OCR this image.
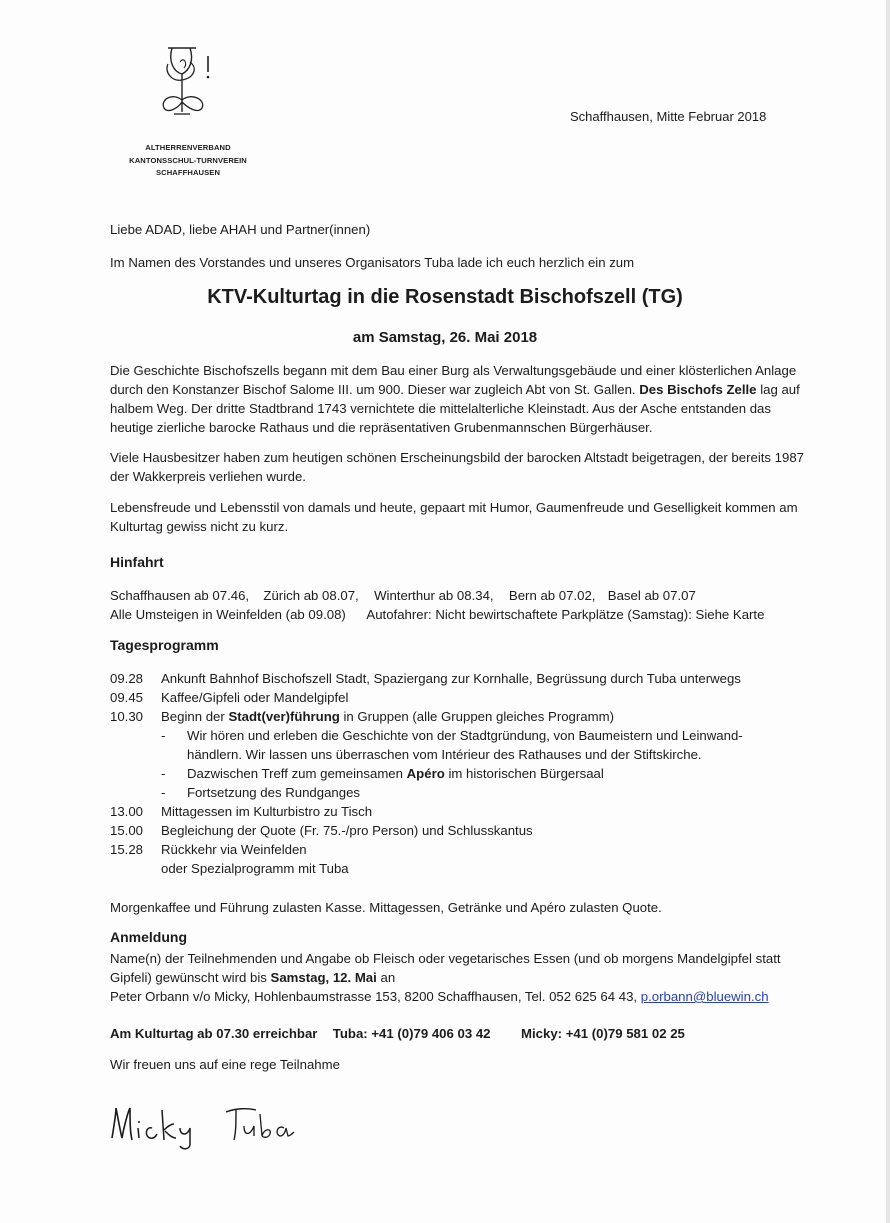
ALTHERRENVERBAND
KANTONSSCHUL-TURNVEREIN
SCHAFFHAUSEN
Schaffhausen, Mitte Februar 2018
Liebe ADAD, liebe AHAH und Partner(innen)
Im Namen des Vorstandes und unseres Organisators Tuba lade ich euch herzlich ein zum
KTV-Kulturtag in die Rosenstadt Bischofszell (TG)
am Samstag, 26. Mai 2018
Die Geschichte Bischofszells begann mit dem Bau einer Burg als Verwaltungsgebäude und einer klösterlichen Anlage
durch den Konstanzer Bischof Salome III. um 900. Dieser war zugleich Abt von St. Gallen. Des Bischofs Zelle lag auf
halbem Weg. Der dritte Stadtbrand 1743 vernichtete die mittelalterliche Kleinstadt. Aus der Asche entstanden das
heutige zierliche barocke Rathaus und die repräsentativen Grubenmannschen Bürgerhäuser.
Viele Hausbesitzer haben zum heutigen schönen Erscheinungsbild der barocken Altstadt beigetragen, der bereits 1987
der Wakkerpreis verliehen wurde.
Lebensfreude und Lebensstil von damals und heute, gepaart mit Humor, Gaumenfreude und Geselligkeit kommen am
Kulturtag gewiss nicht zu kurz.
Hinfahrt
Schaffhausen ab 07.46, Zürich ab 08.07, Winterthur ab 08.34, Bern ab 07.02, Basel ab 07.07
Alle Umsteigen in Weinfelden (ab 09.08) Autofahrer: Nicht bewirtschaftete Parkplätze (Samstag): Siehe Karte
Tagesprogramm
09.28 Ankunft Bahnhof Bischofszell Stadt, Spaziergang zur Kornhalle, Begrüssung durch Tuba unterwegs
09.45 Kaffee/Gipfeli oder Mandelgipfel
10.30 Beginn der Stadt(ver)führung in Gruppen (alle Gruppen gleiches Programm)
- Wir hören und erleben die Geschichte von der Stadtgründung, von Baumeistern und Leinwand-
händlern. Wir lassen uns überraschen vom Intérieur des Rathauses und der Stiftskirche.
- Dazwischen Treff zum gemeinsamen Apéro im historischen Bürgersaal
- Fortsetzung des Rundganges
13.00 Mittagessen im Kulturbistro zu Tisch
15.00 Begleichung der Quote (Fr. 75.-/pro Person) und Schlusskantus
15.28 Rückkehr via Weinfelden
oder Spezialprogramm mit Tuba
Morgenkaffee und Führung zulasten Kasse. Mittagessen, Getränke und Apéro zulasten Quote.
Anmeldung
Name(n) der Teilnehmenden und Angabe ob Fleisch oder vegetarisches Essen (und ob morgens Mandelgipfel statt
Gipfeli) gewünscht wird bis Samstag, 12. Mai an
Peter Orbann v/o Micky, Hohlenbaumstrasse 153, 8200 Schaffhausen, Tel. 052 625 64 43, p.orbann@bluewin.ch
Am Kulturtag ab 07.30 erreichbar Tuba: +41 (0)79 406 03 42 Micky: +41 (0)79 581 02 25
Wir freuen uns auf eine rege Teilnahme
